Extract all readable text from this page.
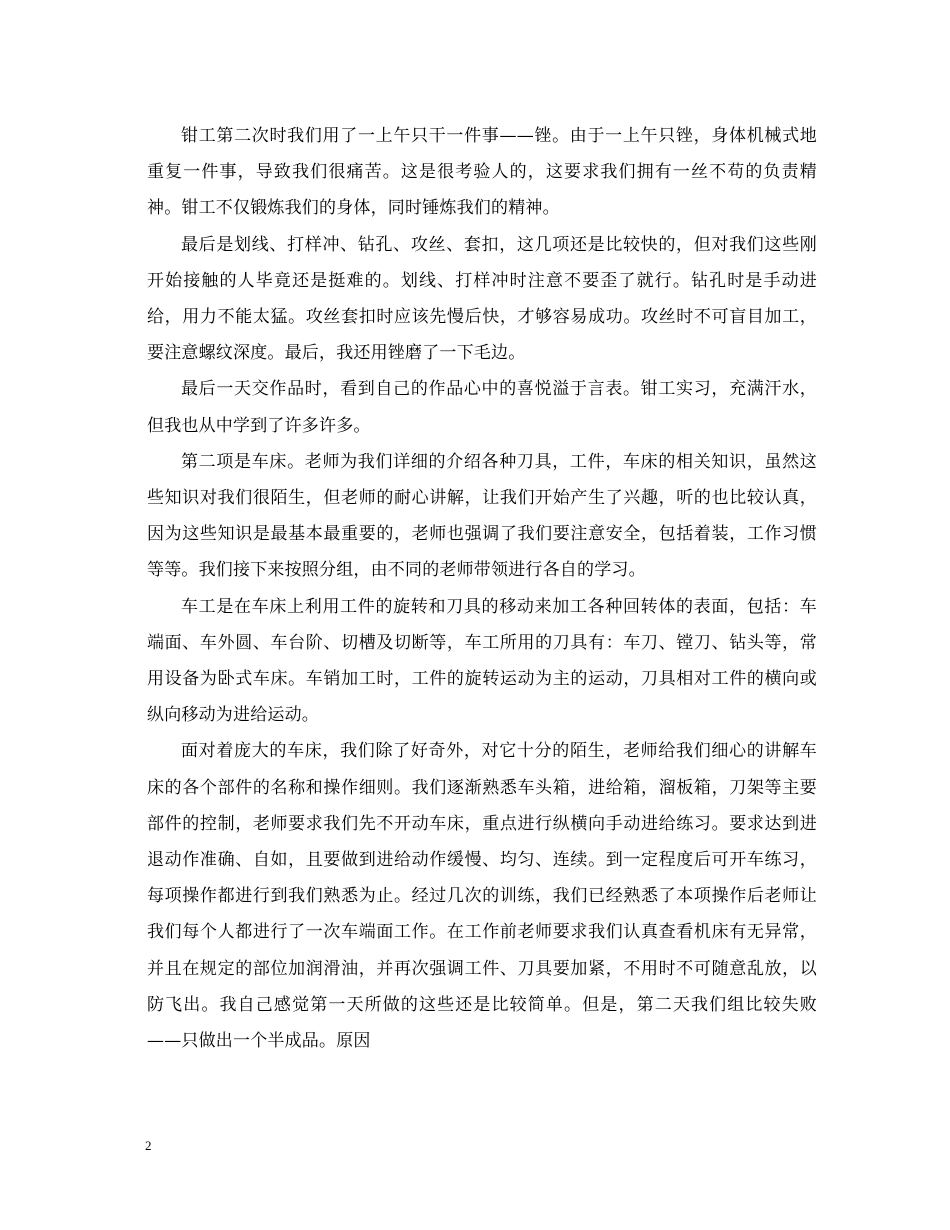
钳工第二次时我们用了一上午只干一件事——锉。由于一上午只锉，身体机械式地重复一件事，导致我们很痛苦。这是很考验人的，这要求我们拥有一丝不苟的负责精神。钳工不仅锻炼我们的身体，同时锤炼我们的精神。

最后是划线、打样冲、钻孔、攻丝、套扣，这几项还是比较快的，但对我们这些刚开始接触的人毕竟还是挺难的。划线、打样冲时注意不要歪了就行。钻孔时是手动进给，用力不能太猛。攻丝套扣时应该先慢后快，才够容易成功。攻丝时不可盲目加工，要注意螺纹深度。最后，我还用锉磨了一下毛边。

最后一天交作品时，看到自己的作品心中的喜悦溢于言表。钳工实习，充满汗水，但我也从中学到了许多许多。

第二项是车床。老师为我们详细的介绍各种刀具，工件，车床的相关知识，虽然这些知识对我们很陌生，但老师的耐心讲解，让我们开始产生了兴趣，听的也比较认真，因为这些知识是最基本最重要的，老师也强调了我们要注意安全，包括着装，工作习惯等等。我们接下来按照分组，由不同的老师带领进行各自的学习。

车工是在车床上利用工件的旋转和刀具的移动来加工各种回转体的表面，包括：车端面、车外圆、车台阶、切槽及切断等，车工所用的刀具有：车刀、镗刀、钻头等，常用设备为卧式车床。车销加工时，工件的旋转运动为主的运动，刀具相对工件的横向或纵向移动为进给运动。

面对着庞大的车床，我们除了好奇外，对它十分的陌生，老师给我们细心的讲解车床的各个部件的名称和操作细则。我们逐渐熟悉车头箱，进给箱，溜板箱，刀架等主要部件的控制，老师要求我们先不开动车床，重点进行纵横向手动进给练习。要求达到进退动作准确、自如，且要做到进给动作缓慢、均匀、连续。到一定程度后可开车练习，每项操作都进行到我们熟悉为止。经过几次的训练，我们已经熟悉了本项操作后老师让我们每个人都进行了一次车端面工作。在工作前老师要求我们认真查看机床有无异常，并且在规定的部位加润滑油，并再次强调工件、刀具要加紧，不用时不可随意乱放，以防飞出。我自己感觉第一天所做的这些还是比较简单。但是，第二天我们组比较失败——只做出一个半成品。原因

2
